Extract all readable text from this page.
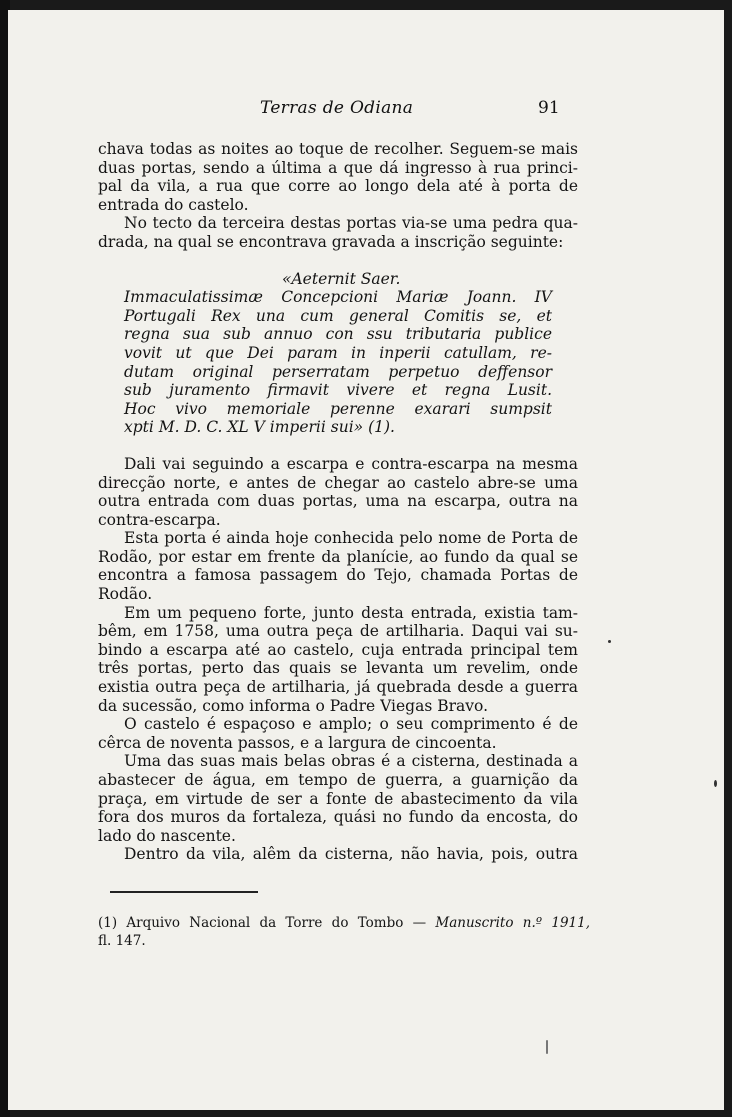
Terras de Odiana	91
chava todas as noites ao toque de recolher. Seguem-se mais
duas portas, sendo a última a que dá ingresso à rua princi-
pal da vila, a rua que corre ao longo dela até à porta de
entrada do castelo.
No tecto da terceira destas portas via-se uma pedra qua-
drada, na qual se encontrava gravada a inscrição seguinte:
«Aeternit Saer.
Immaculatissimæ Concepcioni Mariæ Joann. IV
Portugali Rex una cum general Comitis se, et
regna sua sub annuo con ssu tributaria publice
vovit ut que Dei param in inperii catullam, re-
dutam original perserratam perpetuo deffensor
sub juramento firmavit vivere et regna Lusit.
Hoc vivo memoriale perenne exarari sumpsit
xpti M. D. C. XL V imperii sui» (1).
Dali vai seguindo a escarpa e contra-escarpa na mesma
direcção norte, e antes de chegar ao castelo abre-se uma
outra entrada com duas portas, uma na escarpa, outra na
contra-escarpa.
Esta porta é ainda hoje conhecida pelo nome de Porta de
Rodão, por estar em frente da planície, ao fundo da qual se
encontra a famosa passagem do Tejo, chamada Portas de
Rodão.
Em um pequeno forte, junto desta entrada, existia tam-
bêm, em 1758, uma outra peça de artilharia. Daqui vai su-
bindo a escarpa até ao castelo, cuja entrada principal tem
três portas, perto das quais se levanta um revelim, onde
existia outra peça de artilharia, já quebrada desde a guerra
da sucessão, como informa o Padre Viegas Bravo.
O castelo é espaçoso e amplo; o seu comprimento é de
cêrca de noventa passos, e a largura de cincoenta.
Uma das suas mais belas obras é a cisterna, destinada a
abastecer de água, em tempo de guerra, a guarnição da
praça, em virtude de ser a fonte de abastecimento da vila
fora dos muros da fortaleza, quási no fundo da encosta, do
lado do nascente.
Dentro da vila, alêm da cisterna, não havia, pois, outra
(1) Arquivo Nacional da Torre do Tombo — Manuscrito n.º 1911,
fl. 147.
